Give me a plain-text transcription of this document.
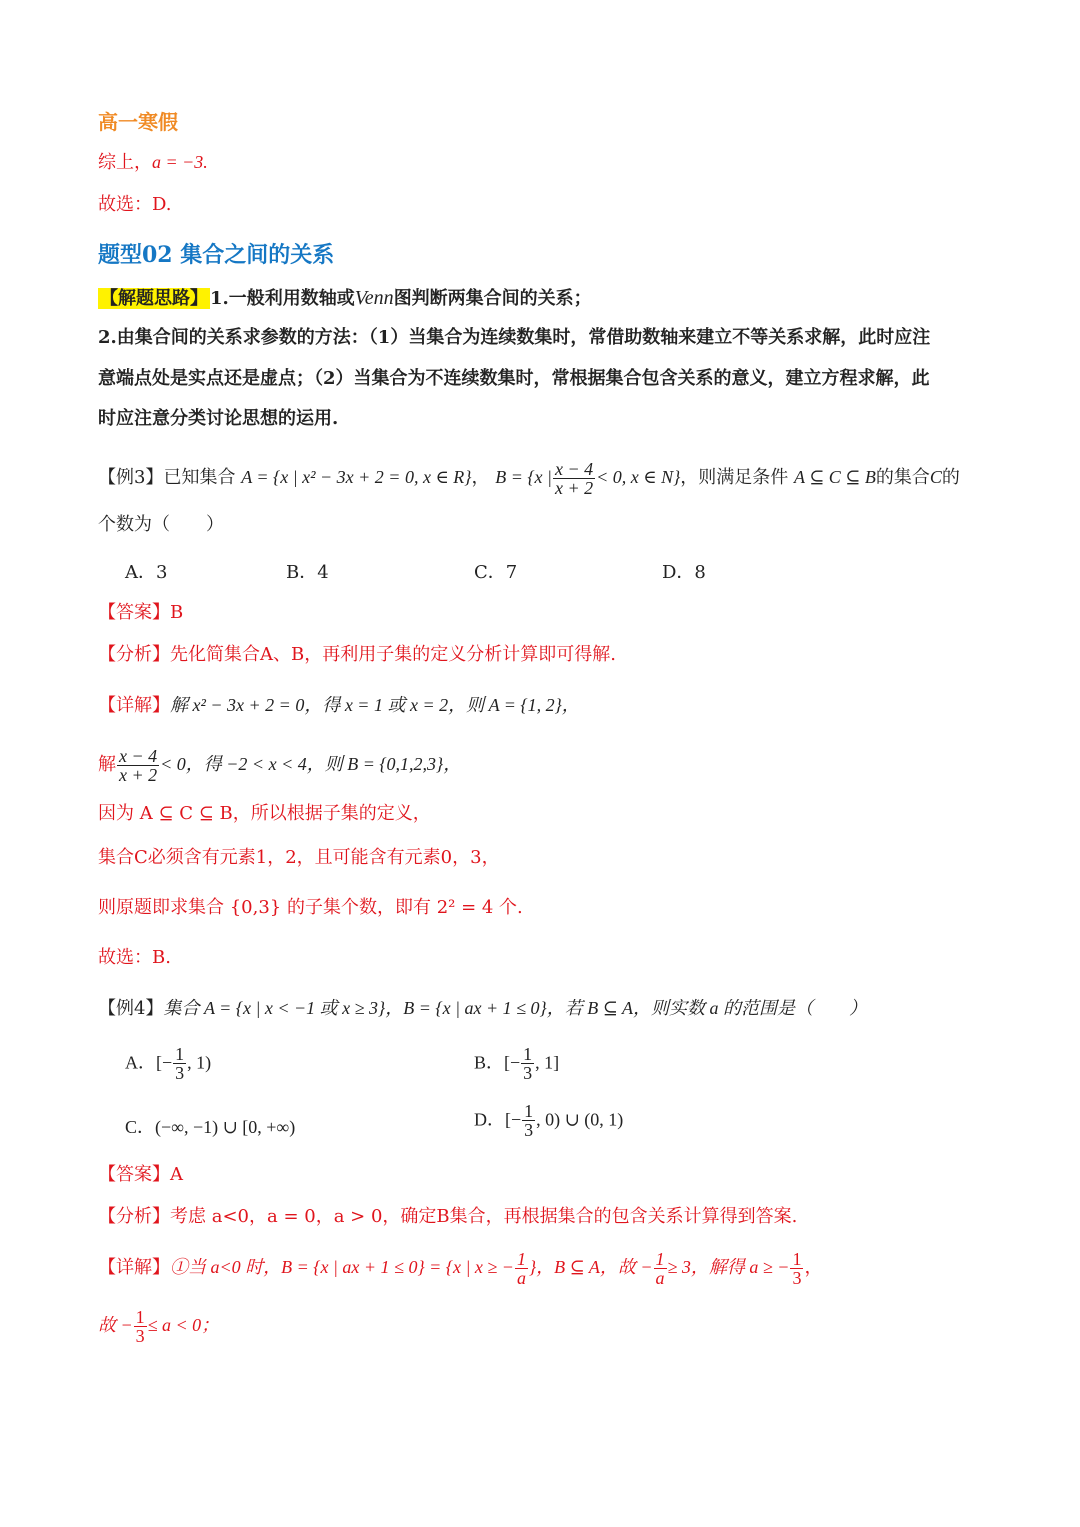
高一寒假
综上，a = −3.
故选：D.
题型02 集合之间的关系
【解题思路】 1.一般利用数轴或Venn图判断两集合间的关系；
2.由集合间的关系求参数的方法：（1）当集合为连续数集时，常借助数轴来建立不等关系求解，此时应注
意端点处是实点还是虚点；（2）当集合为不连续数集时，常根据集合包含关系的意义，建立方程求解，此
时应注意分类讨论思想的运用.
【例3】已知集合 A = {x | x² − 3x + 2 = 0, x ∈ R}， B = {x | $\frac{x - 4}{x + 2} < 0$, x ∈ N}，则满足条件 A ⊆ C ⊆ B的集合C的
个数为（　　）
A．3	B．4	C．7	D．8
【答案】B
【分析】先化简集合A、B，再利用子集的定义分析计算即可得解.
【详解】解 x² − 3x + 2 = 0，得 x = 1 或 x = 2，则 A = {1, 2}，
解 $\frac{x - 4}{x + 2} < 0$，得 −2 < x < 4，则 B = {0,1,2,3}，
因为 A ⊆ C ⊆ B，所以根据子集的定义，
集合C必须含有元素1，2，且可能含有元素0，3，
则原题即求集合 {0,3} 的子集个数，即有 2² = 4 个.
故选：B.
【例4】集合 A = {x | x < −1 或 x ≥ 3}，B = {x | ax + 1 ≤ 0}，若 B ⊆ A，则实数 a 的范围是（　　）
A．[− $\frac{1}{3}$ , 1)	B．[− $\frac{1}{3}$ , 1]
C．(−∞, −1) ∪ [0, +∞)	D．[− $\frac{1}{3}$ , 0) ∪ (0, 1)
【答案】A
【分析】考虑 a<0，a = 0，a > 0，确定B集合，再根据集合的包含关系计算得到答案.
【详解】①当 a<0 时，B = {x | ax + 1 ≤ 0} = {x | x ≥ − $\frac{1}{a}$ }，B ⊆ A，故 − $\frac{1}{a} \ge 3$，解得 a ≥ − $\frac{1}{3}$ ，
故 − $\frac{1}{3} \le a < 0$；
